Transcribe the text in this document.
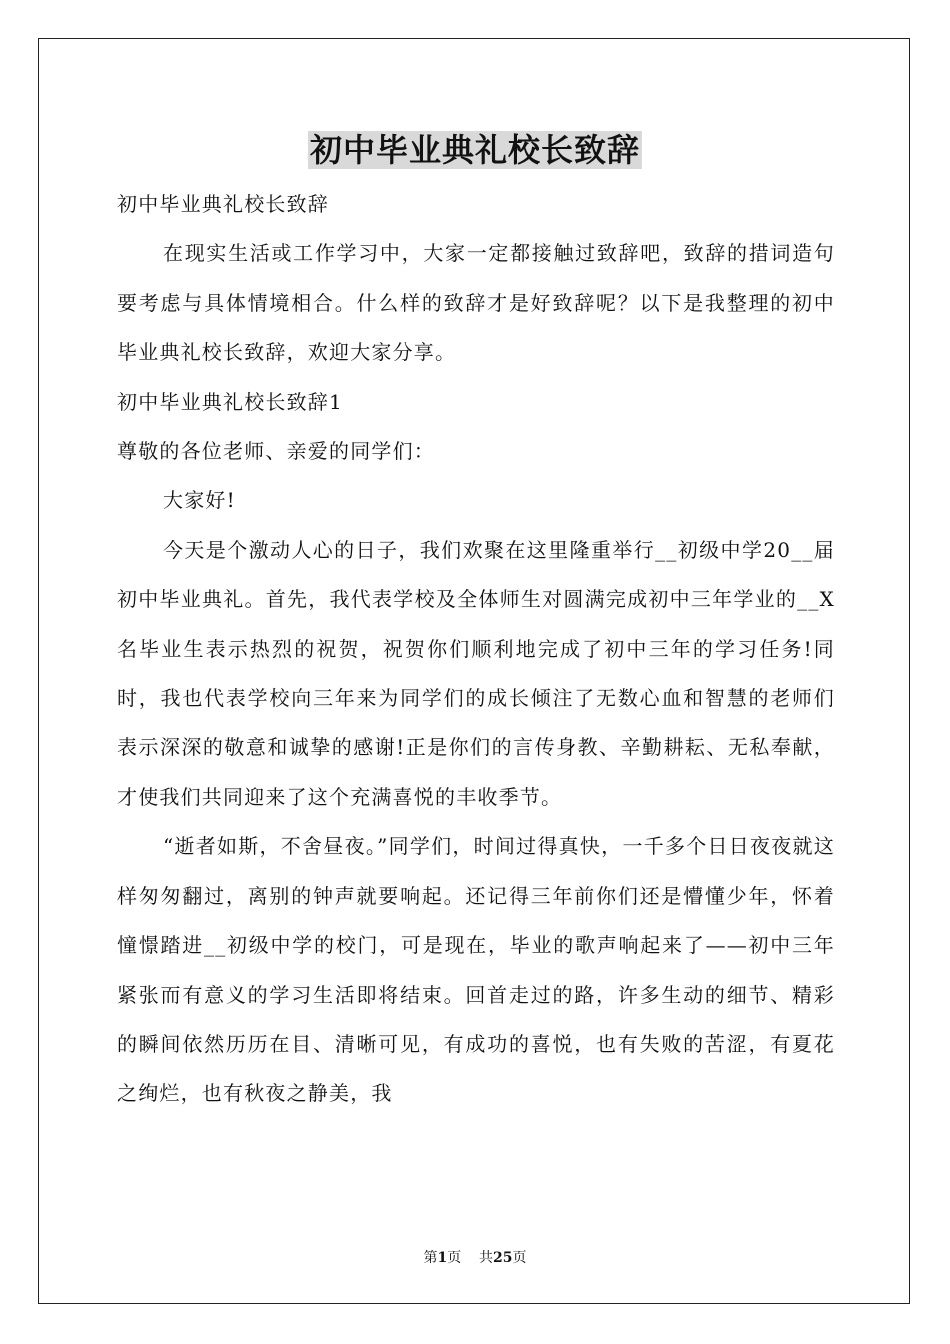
初中毕业典礼校长致辞

初中毕业典礼校长致辞

在现实生活或工作学习中，大家一定都接触过致辞吧，致辞的措词造句要考虑与具体情境相合。什么样的致辞才是好致辞呢？以下是我整理的初中毕业典礼校长致辞，欢迎大家分享。

初中毕业典礼校长致辞1

尊敬的各位老师、亲爱的同学们：

大家好!

今天是个激动人心的日子，我们欢聚在这里隆重举行__初级中学20__届初中毕业典礼。首先，我代表学校及全体师生对圆满完成初中三年学业的__X名毕业生表示热烈的祝贺，祝贺你们顺利地完成了初中三年的学习任务!同时，我也代表学校向三年来为同学们的成长倾注了无数心血和智慧的老师们表示深深的敬意和诚挚的感谢!正是你们的言传身教、辛勤耕耘、无私奉献，才使我们共同迎来了这个充满喜悦的丰收季节。

“逝者如斯，不舍昼夜。”同学们，时间过得真快，一千多个日日夜夜就这样匆匆翻过，离别的钟声就要响起。还记得三年前你们还是懵懂少年，怀着憧憬踏进__初级中学的校门，可是现在，毕业的歌声响起来了——初中三年紧张而有意义的学习生活即将结束。回首走过的路，许多生动的细节、精彩的瞬间依然历历在目、清晰可见，有成功的喜悦，也有失败的苦涩，有夏花之绚烂，也有秋夜之静美，我

第1页 共25页
